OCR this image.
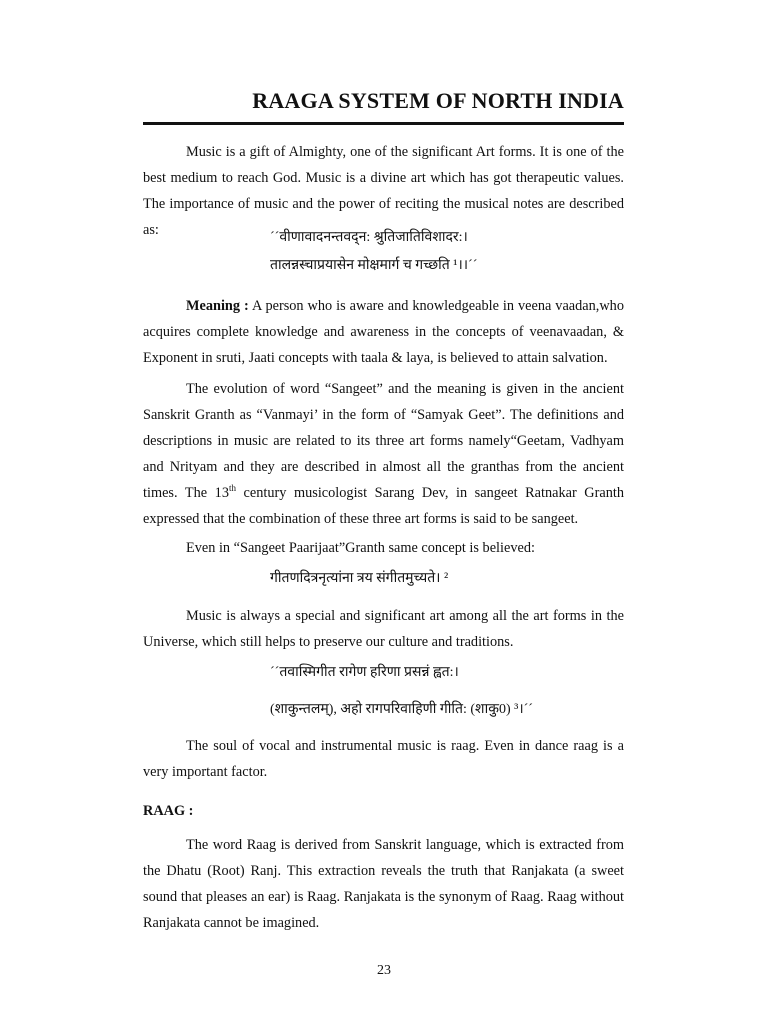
RAAGA SYSTEM OF NORTH INDIA

Music is a gift of Almighty, one of the significant Art forms. It is one of the best medium to reach God. Music is a divine art which has got therapeutic values. The importance of music and the power of reciting the musical notes are described as:	´´वीणावादनन्तवद्न: श्रुतिजातिविशादर:।
तालन्नस्चाप्रयासेन मोक्षमार्ग च गच्छति ¹।।´´

Meaning : A person who is aware and knowledgeable in veena vaadan,who acquires complete knowledge and awareness in the concepts of veenavaadan, & Exponent in sruti, Jaati concepts with taala & laya, is believed to attain salvation.

The evolution of word “Sangeet” and the meaning is given in the ancient Sanskrit Granth as “Vanmayi’ in the form of “Samyak Geet”. The definitions and descriptions in music are related to its three art forms namely“Geetam, Vadhyam and Nrityam and they are described in almost all the granthas from the ancient times. The 13th century musicologist Sarang Dev, in sangeet Ratnakar Granth expressed that the combination of these three art forms is said to be sangeet.

Even in “Sangeet Paarijaat”Granth same concept is believed:

गीतणदित्रनृत्यांना त्रय संगीतमुच्यते। ²

Music is always a special and significant art among all the art forms in the Universe, which still helps to preserve our culture and traditions.

´´तवास्मिगीत रागेण हरिणा प्रसन्नं ह्वत:।
(शाकुन्तलम्), अहो रागपरिवाहिणी गीति: (शाकु0) ³।´´

The soul of vocal and instrumental music is raag. Even in dance raag is a very important factor.

RAAG :

The word Raag is derived from Sanskrit language, which is extracted from the Dhatu (Root) Ranj. This extraction reveals the truth that Ranjakata (a sweet sound that pleases an ear) is Raag. Ranjakata is the synonym of Raag. Raag without Ranjakata cannot be imagined.

23
